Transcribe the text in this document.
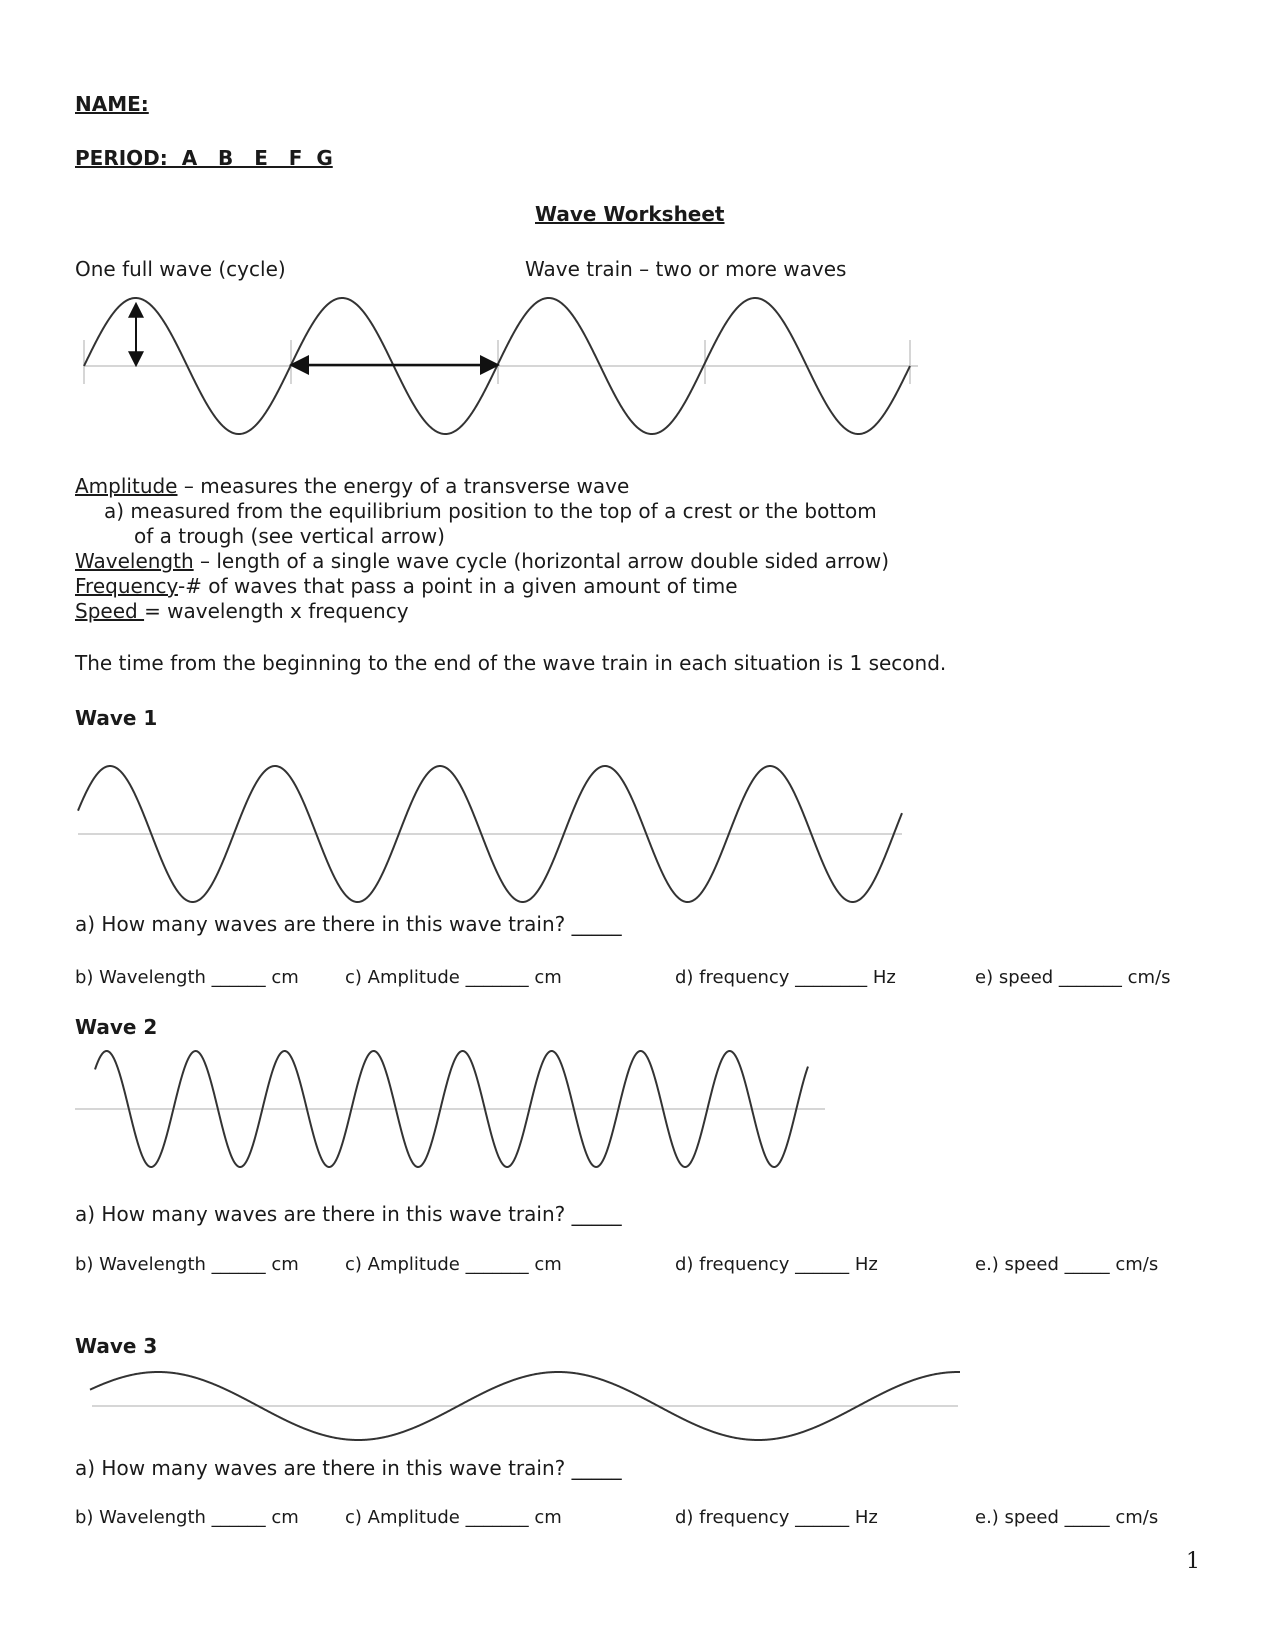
NAME:
PERIOD:  A   B   E   F  G
Wave Worksheet
One full wave (cycle)	Wave train – two or more waves
Amplitude – measures the energy of a transverse wave
a) measured from the equilibrium position to the top of a crest or the bottom
of a trough (see vertical arrow)
Wavelength – length of a single wave cycle (horizontal arrow double sided arrow)
Frequency-# of waves that pass a point in a given amount of time
Speed = wavelength x frequency
The time from the beginning to the end of the wave train in each situation is 1 second.
Wave 1
a) How many waves are there in this wave train? _____
b) Wavelength ______ cm	c) Amplitude _______ cm	d) frequency ________ Hz	e) speed _______ cm/s
Wave 2
a) How many waves are there in this wave train? _____
b) Wavelength ______ cm	c) Amplitude _______ cm	d) frequency ______ Hz	e.) speed _____ cm/s
Wave 3
a) How many waves are there in this wave train? _____
b) Wavelength ______ cm	c) Amplitude _______ cm	d) frequency ______ Hz	e.) speed _____ cm/s
1
